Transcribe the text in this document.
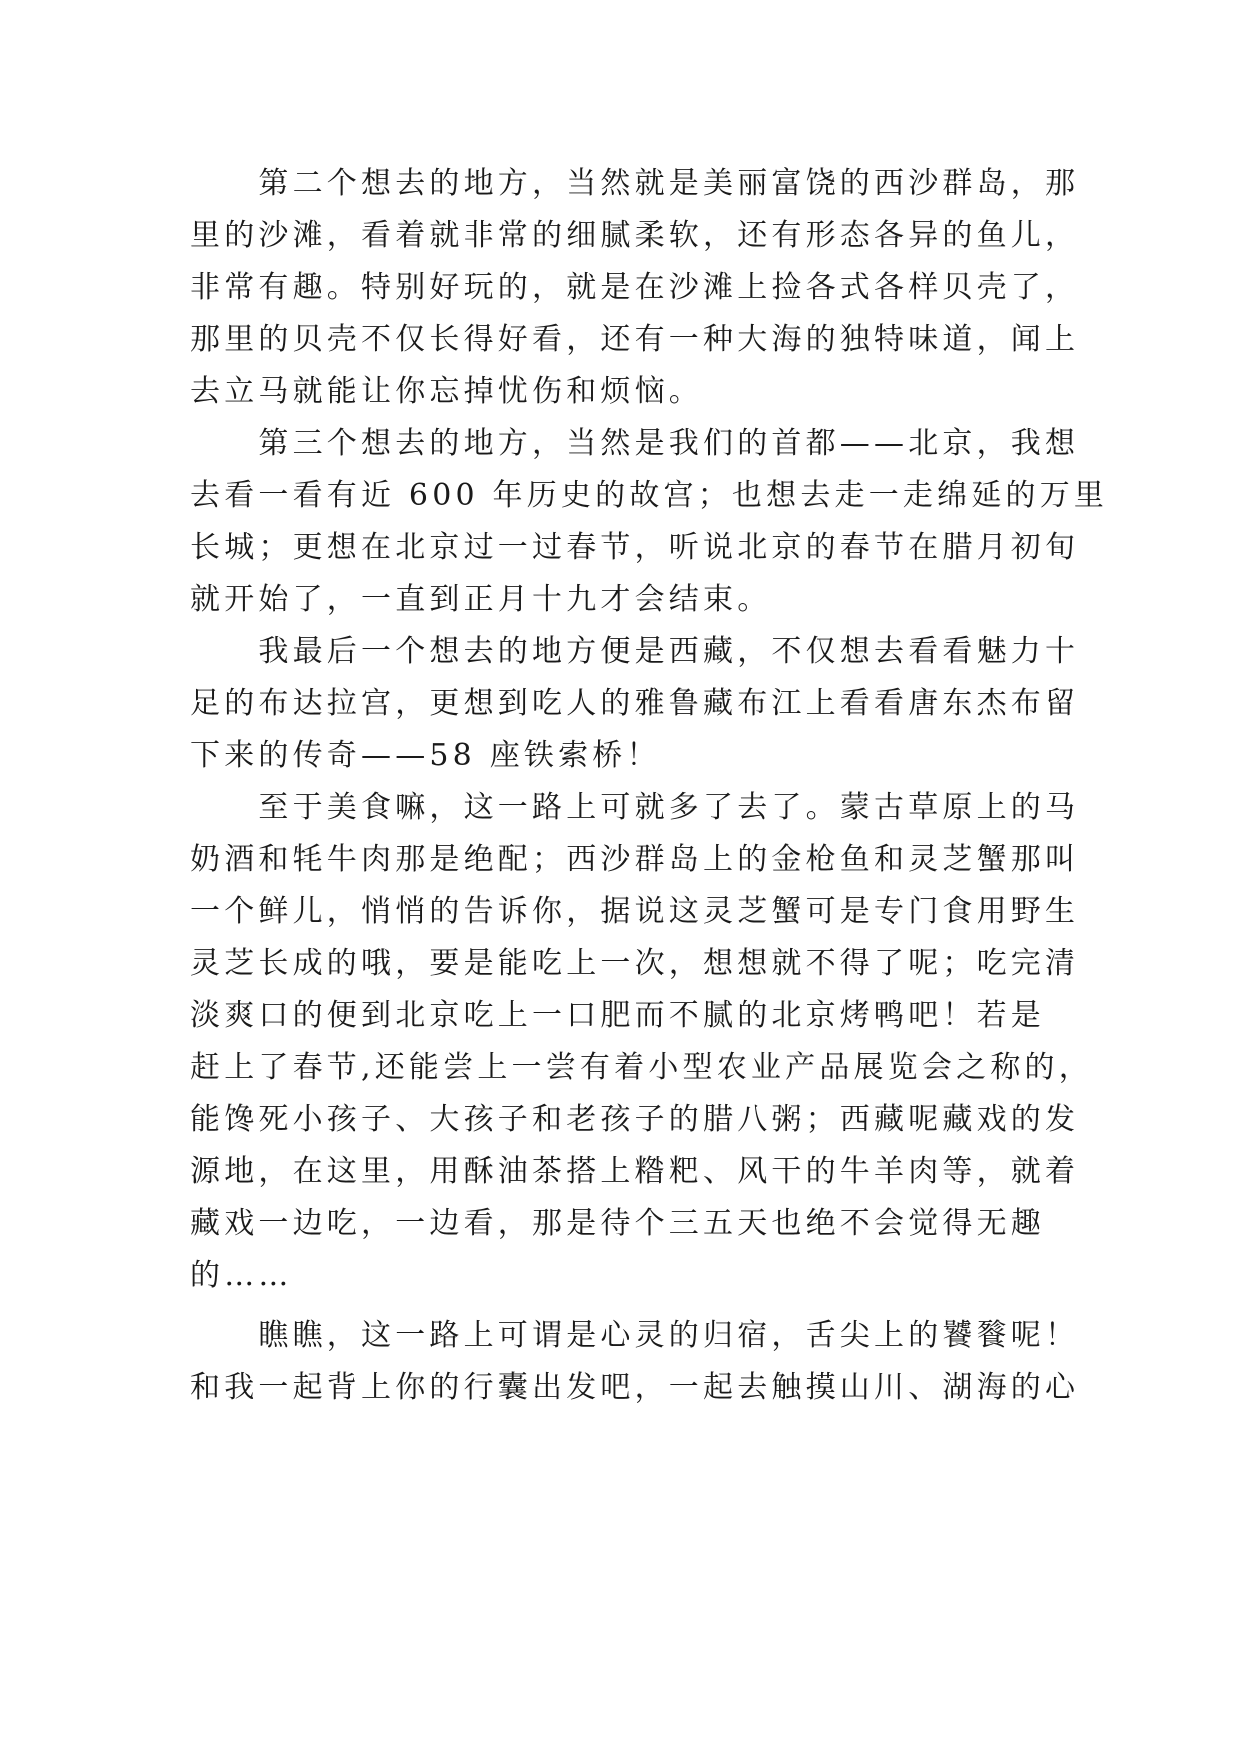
　　第二个想去的地方，当然就是美丽富饶的西沙群岛，那
里的沙滩，看着就非常的细腻柔软，还有形态各异的鱼儿，
非常有趣。特别好玩的，就是在沙滩上捡各式各样贝壳了，
那里的贝壳不仅长得好看，还有一种大海的独特味道，闻上
去立马就能让你忘掉忧伤和烦恼。
　　第三个想去的地方，当然是我们的首都——北京，我想
去看一看有近 600 年历史的故宫；也想去走一走绵延的万里
长城；更想在北京过一过春节，听说北京的春节在腊月初旬
就开始了，一直到正月十九才会结束。
　　我最后一个想去的地方便是西藏，不仅想去看看魅力十
足的布达拉宫，更想到吃人的雅鲁藏布江上看看唐东杰布留
下来的传奇——58 座铁索桥！
　　至于美食嘛，这一路上可就多了去了。蒙古草原上的马
奶酒和牦牛肉那是绝配；西沙群岛上的金枪鱼和灵芝蟹那叫
一个鲜儿，悄悄的告诉你，据说这灵芝蟹可是专门食用野生
灵芝长成的哦，要是能吃上一次，想想就不得了呢；吃完清
淡爽口的便到北京吃上一口肥而不腻的北京烤鸭吧！若是
赶上了春节,还能尝上一尝有着小型农业产品展览会之称的，
能馋死小孩子、大孩子和老孩子的腊八粥；西藏呢藏戏的发
源地，在这里，用酥油茶搭上糌粑、风干的牛羊肉等，就着
藏戏一边吃，一边看，那是待个三五天也绝不会觉得无趣
的……
　　瞧瞧，这一路上可谓是心灵的归宿，舌尖上的饕餮呢！
和我一起背上你的行囊出发吧，一起去触摸山川、湖海的心
